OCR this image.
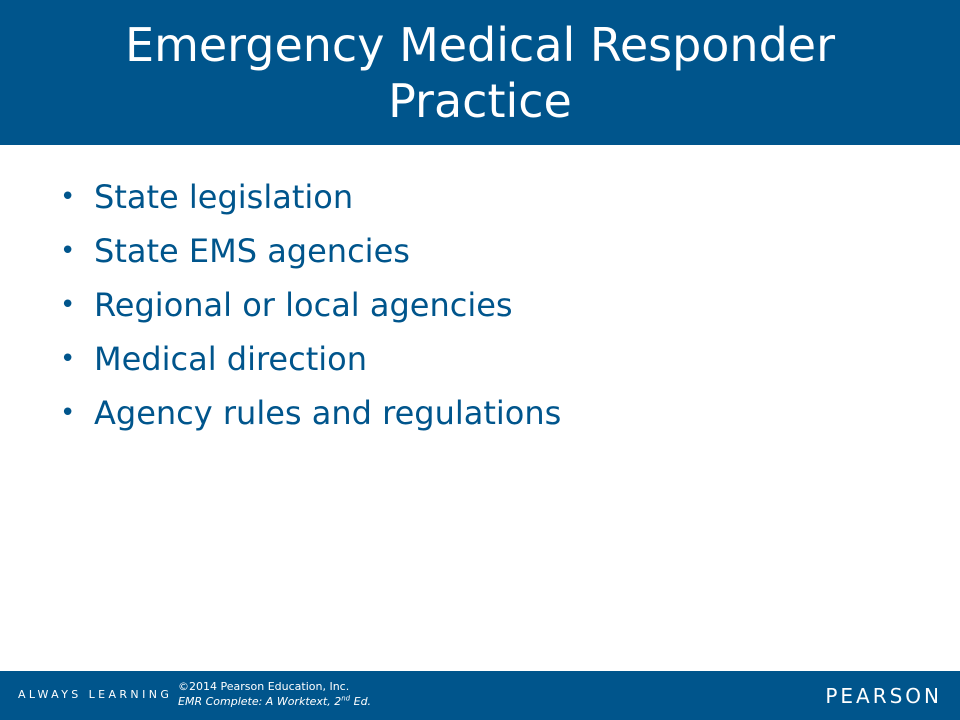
Emergency Medical Responder
Practice
• State legislation
• State EMS agencies
• Regional or local agencies
• Medical direction
• Agency rules and regulations
ALWAYS LEARNING
©2014 Pearson Education, Inc.
EMR Complete: A Worktext, 2nd Ed.	PEARSON
